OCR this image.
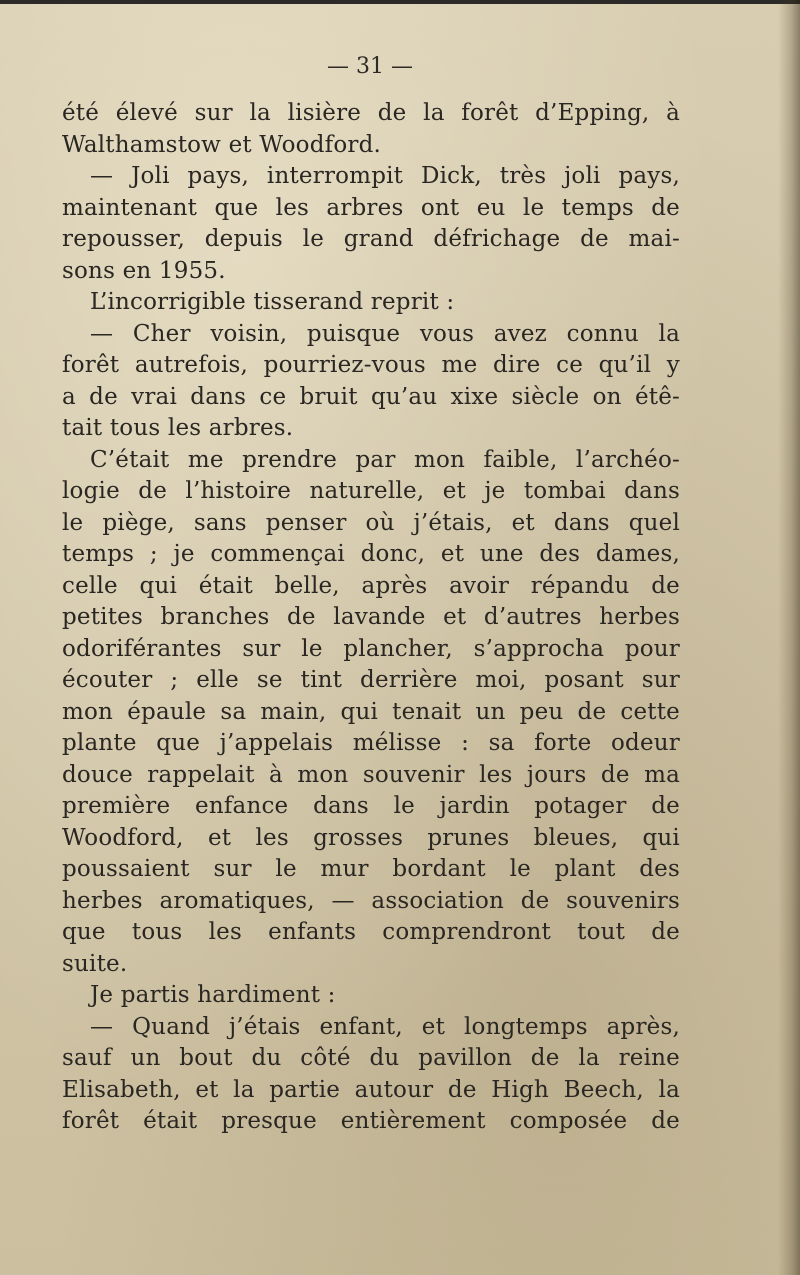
— 31 —
été élevé sur la lisière de la forêt d’Epping, à
Walthamstow et Woodford.
— Joli pays, interrompit Dick, très joli pays,
maintenant que les arbres ont eu le temps de
repousser, depuis le grand défrichage de mai-
sons en 1955.
L’incorrigible tisserand reprit :
— Cher voisin, puisque vous avez connu la
forêt autrefois, pourriez-vous me dire ce qu’il y
a de vrai dans ce bruit qu’au xixe siècle on étê-
tait tous les arbres.
C’était me prendre par mon faible, l’archéo-
logie de l’histoire naturelle, et je tombai dans
le piège, sans penser où j’étais, et dans quel
temps ; je commençai donc, et une des dames,
celle qui était belle, après avoir répandu de
petites branches de lavande et d’autres herbes
odoriférantes sur le plancher, s’approcha pour
écouter ; elle se tint derrière moi, posant sur
mon épaule sa main, qui tenait un peu de cette
plante que j’appelais mélisse : sa forte odeur
douce rappelait à mon souvenir les jours de ma
première enfance dans le jardin potager de
Woodford, et les grosses prunes bleues, qui
poussaient sur le mur bordant le plant des
herbes aromatiques, — association de souvenirs
que tous les enfants comprendront tout de
suite.
Je partis hardiment :
— Quand j’étais enfant, et longtemps après,
sauf un bout du côté du pavillon de la reine
Elisabeth, et la partie autour de High Beech, la
forêt était presque entièrement composée de
